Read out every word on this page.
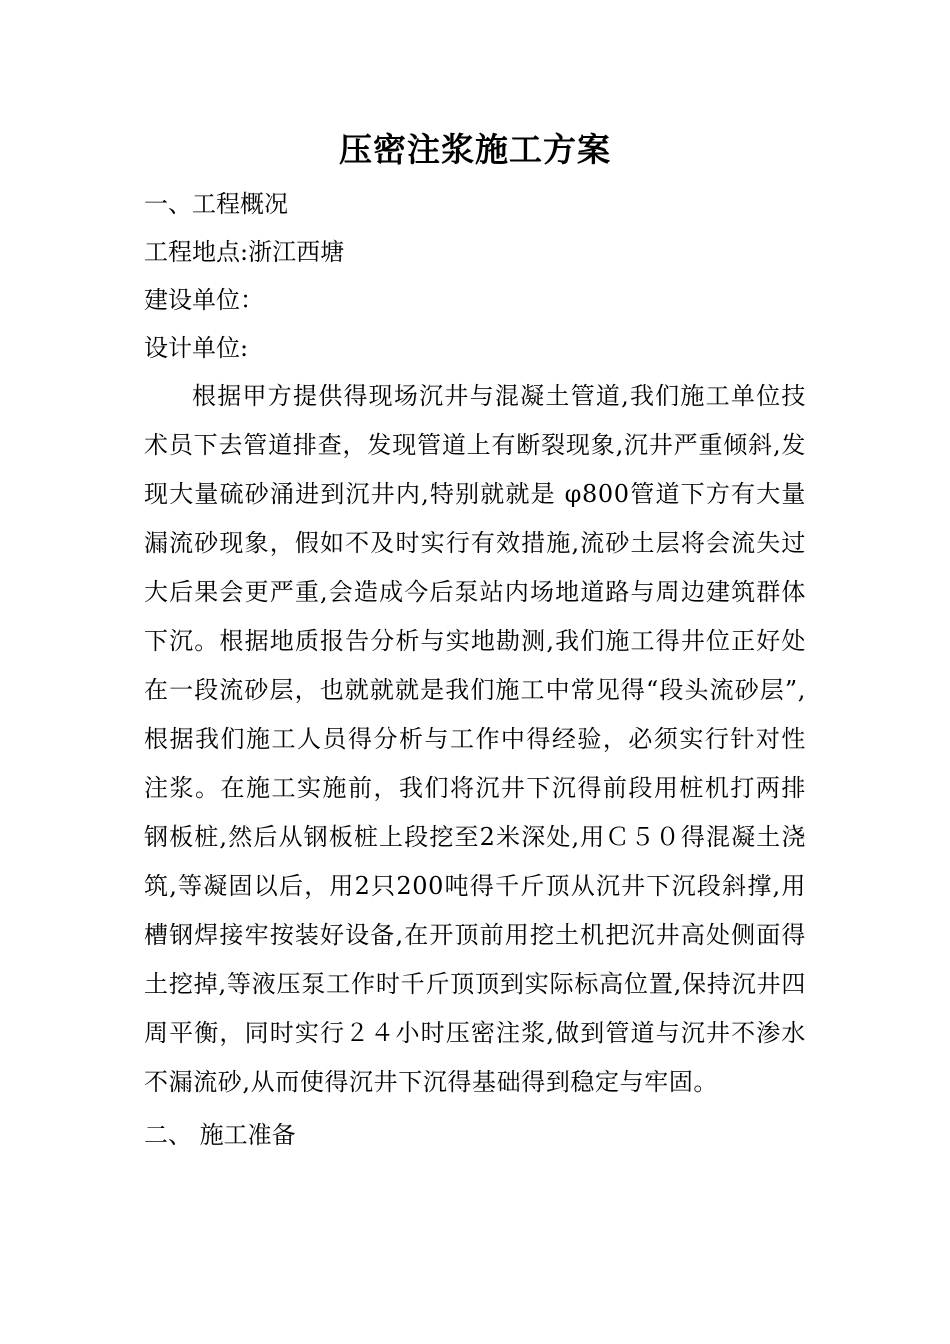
压密注浆施工方案

一、工程概况

工程地点:浙江西塘

建设单位：

设计单位:

根据甲方提供得现场沉井与混凝土管道,我们施工单位技术员下去管道排查，发现管道上有断裂现象,沉井严重倾斜,发现大量硫砂涌进到沉井内,特别就就是 φ800管道下方有大量漏流砂现象，假如不及时实行有效措施,流砂土层将会流失过大后果会更严重,会造成今后泵站内场地道路与周边建筑群体下沉。根据地质报告分析与实地勘测,我们施工得井位正好处在一段流砂层，也就就就是我们施工中常见得“段头流砂层”,根据我们施工人员得分析与工作中得经验，必须实行针对性注浆。在施工实施前，我们将沉井下沉得前段用桩机打两排钢板桩,然后从钢板桩上段挖至2米深处,用Ｃ５０得混凝土浇筑,等凝固以后，用2只200吨得千斤顶从沉井下沉段斜撑,用槽钢焊接牢按装好设备,在开顶前用挖土机把沉井高处侧面得土挖掉,等液压泵工作时千斤顶顶到实际标高位置,保持沉井四周平衡，同时实行２４小时压密注浆,做到管道与沉井不渗水不漏流砂,从而使得沉井下沉得基础得到稳定与牢固。

二、 施工准备
